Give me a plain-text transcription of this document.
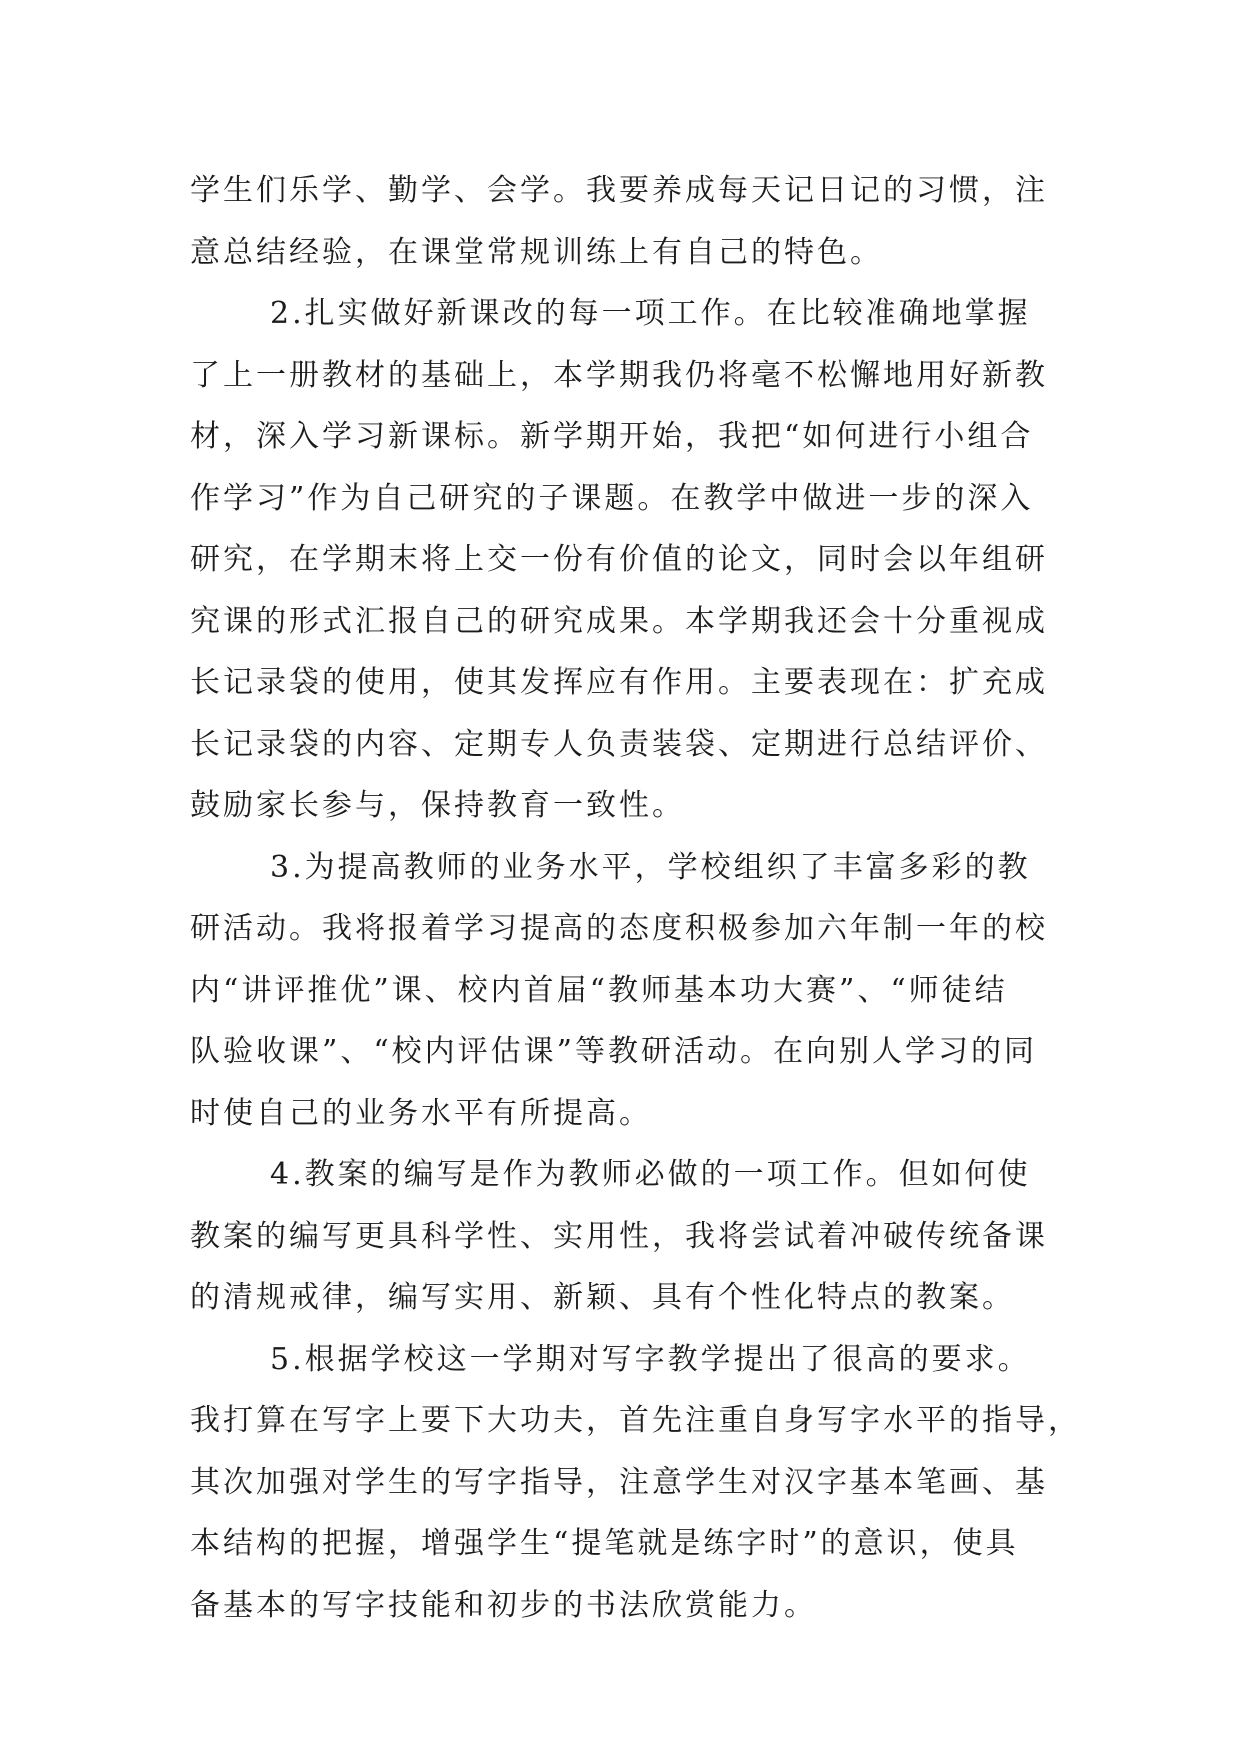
学生们乐学、勤学、会学。我要养成每天记日记的习惯，注
意总结经验，在课堂常规训练上有自己的特色。
2.扎实做好新课改的每一项工作。在比较准确地掌握
了上一册教材的基础上，本学期我仍将毫不松懈地用好新教
材，深入学习新课标。新学期开始，我把“如何进行小组合
作学习”作为自己研究的子课题。在教学中做进一步的深入
研究，在学期末将上交一份有价值的论文，同时会以年组研
究课的形式汇报自己的研究成果。本学期我还会十分重视成
长记录袋的使用，使其发挥应有作用。主要表现在：扩充成
长记录袋的内容、定期专人负责装袋、定期进行总结评价、
鼓励家长参与，保持教育一致性。
3.为提高教师的业务水平，学校组织了丰富多彩的教
研活动。我将报着学习提高的态度积极参加六年制一年的校
内“讲评推优”课、校内首届“教师基本功大赛”、“师徒结
队验收课”、“校内评估课”等教研活动。在向别人学习的同
时使自己的业务水平有所提高。
4.教案的编写是作为教师必做的一项工作。但如何使
教案的编写更具科学性、实用性，我将尝试着冲破传统备课
的清规戒律，编写实用、新颖、具有个性化特点的教案。
5.根据学校这一学期对写字教学提出了很高的要求。
我打算在写字上要下大功夫，首先注重自身写字水平的指导，
其次加强对学生的写字指导，注意学生对汉字基本笔画、基
本结构的把握，增强学生“提笔就是练字时”的意识，使具
备基本的写字技能和初步的书法欣赏能力。
